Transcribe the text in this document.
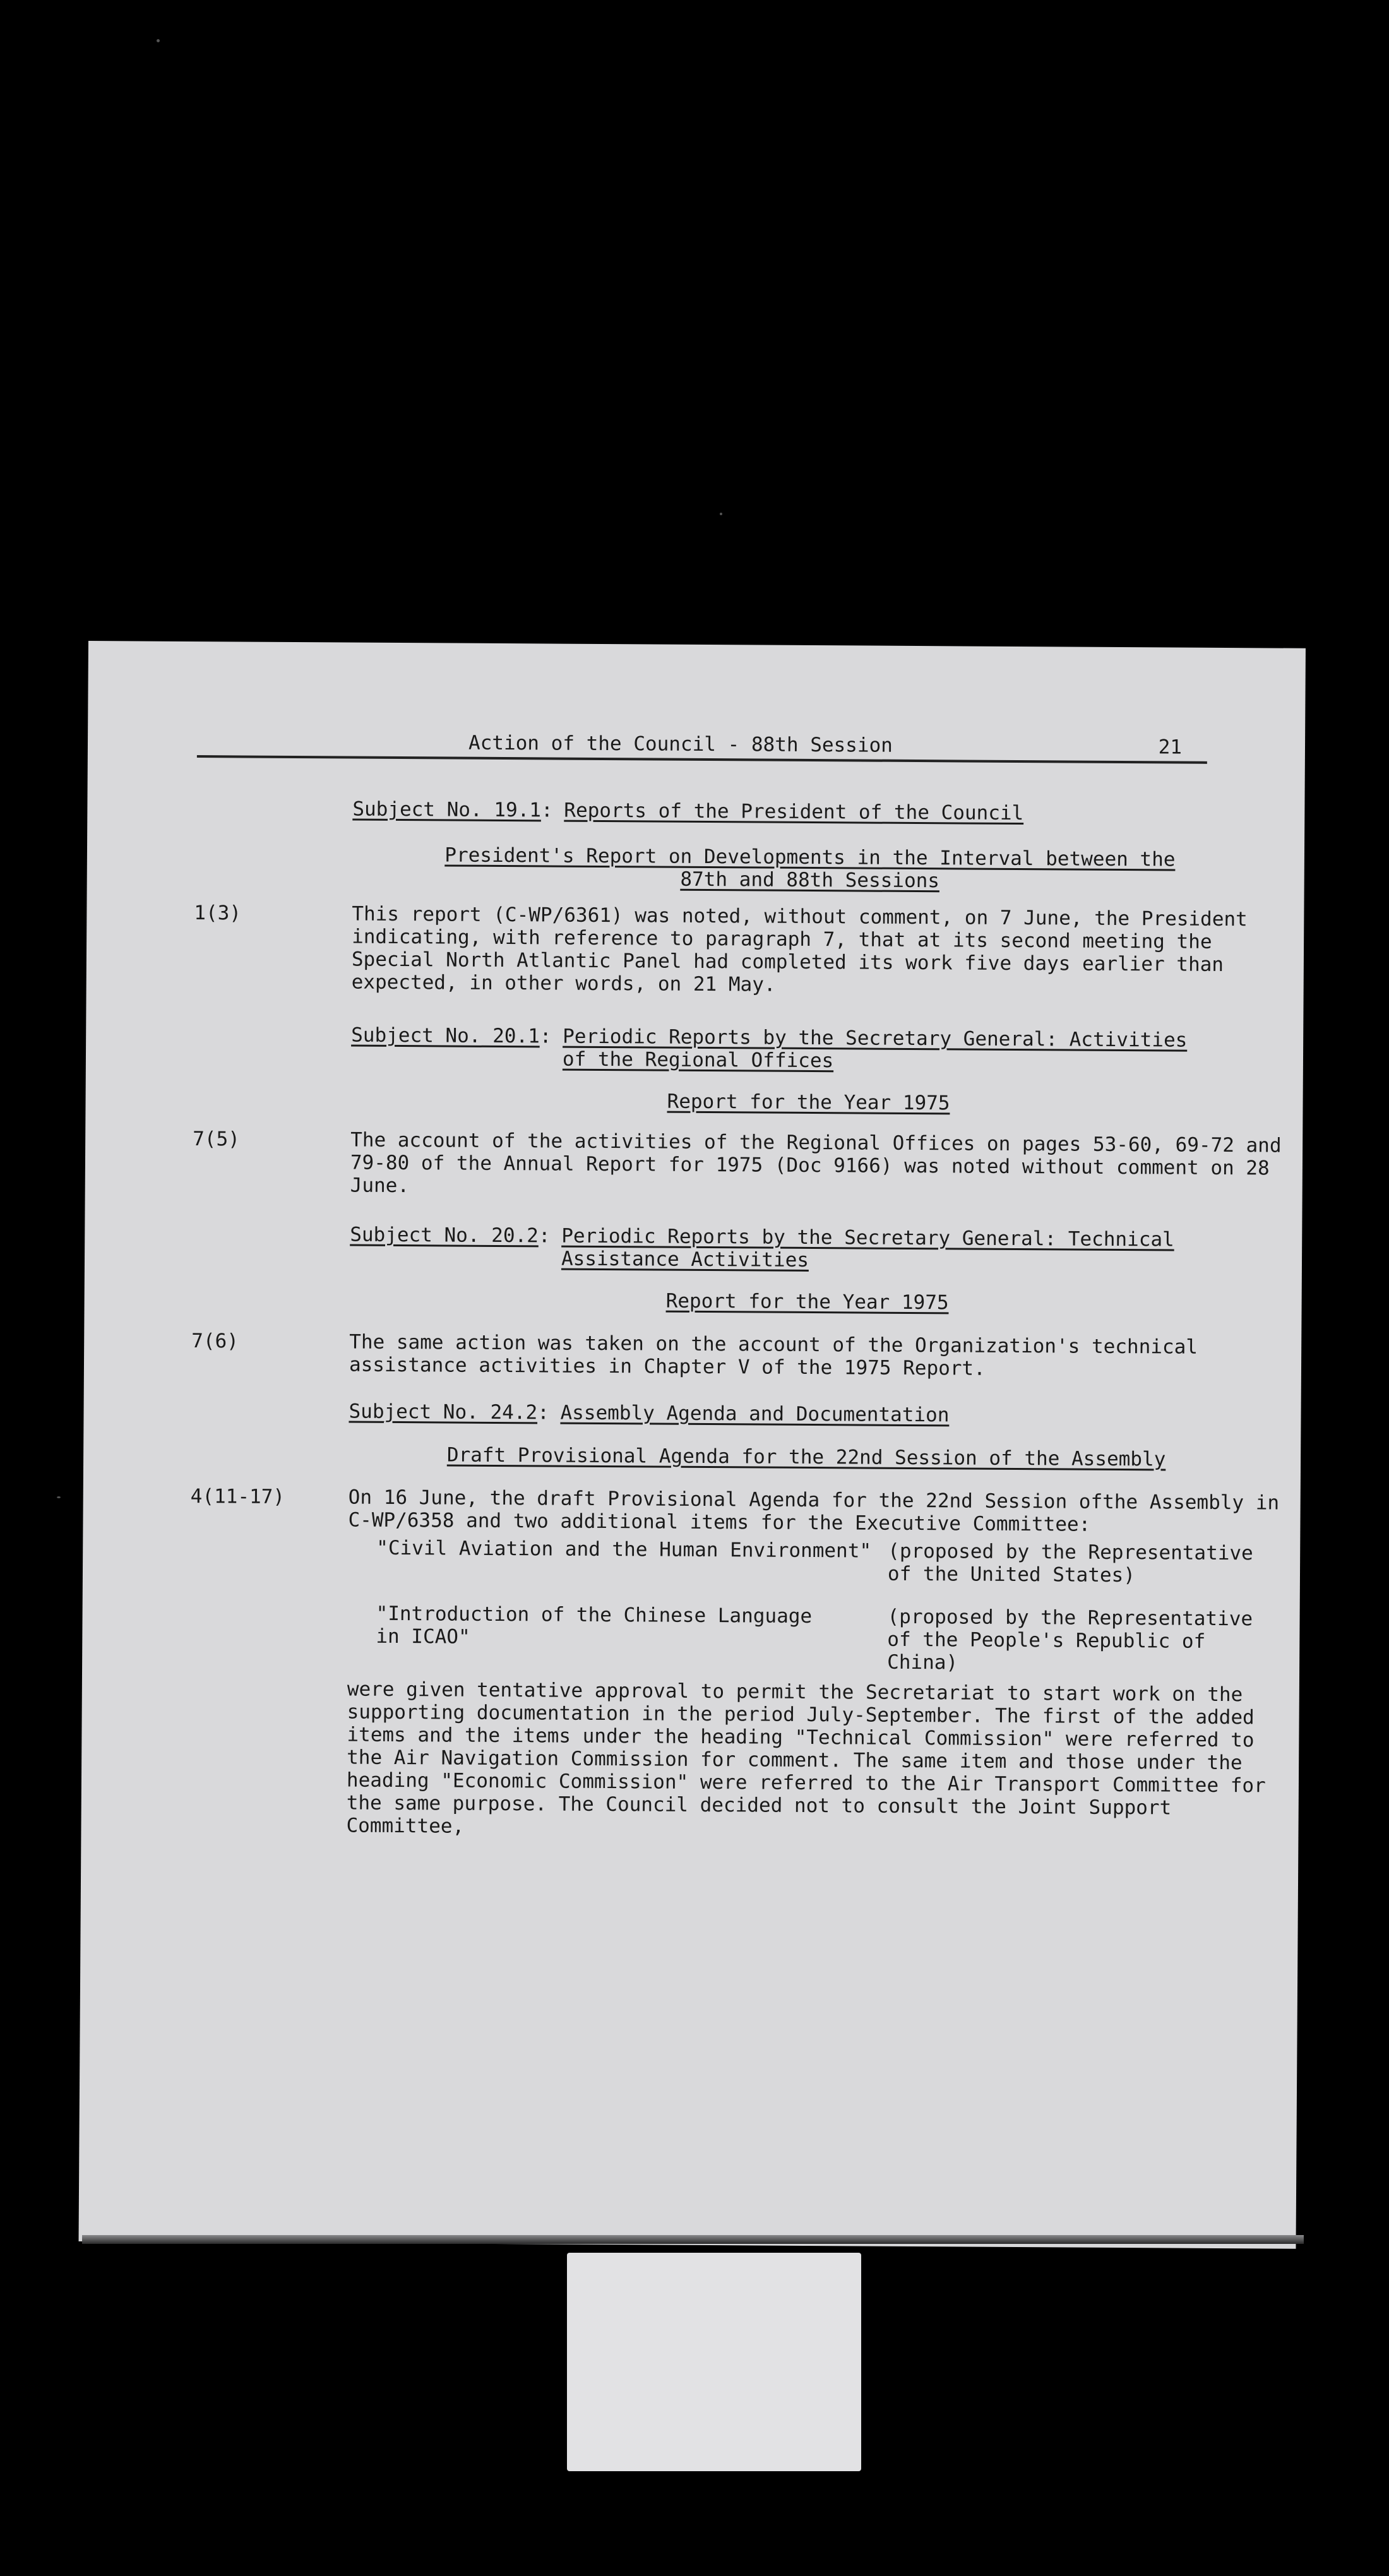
Action of the Council - 88th Session	21
Subject No. 19.1: Reports of the President of the Council
President's Report on Developments in the Interval between the
87th and 88th Sessions
1(3)	This report (C-WP/6361) was noted, without comment, on 7 June, the President indicating, with reference to paragraph 7, that at its second meeting the Special North Atlantic Panel had completed its work five days earlier than expected, in other words, on 21 May.

Subject No. 20.1: Periodic Reports by the Secretary General: Activities of the Regional Offices
Report for the Year 1975
7(5)	The account of the activities of the Regional Offices on pages 53-60, 69-72 and 79-80 of the Annual Report for 1975 (Doc 9166) was noted without comment on 28 June.

Subject No. 20.2: Periodic Reports by the Secretary General: Technical Assistance Activities
Report for the Year 1975
7(6)	The same action was taken on the account of the Organization's technical assistance activities in Chapter V of the 1975 Report.

Subject No. 24.2: Assembly Agenda and Documentation
Draft Provisional Agenda for the 22nd Session of the Assembly
4(11-17)	On 16 June, the draft Provisional Agenda for the 22nd Session ofthe Assembly in C-WP/6358 and two additional items for the Executive Committee:

"Civil Aviation and the Human Environment" (proposed by the Representative of the United States)
"Introduction of the Chinese Language in ICAO"
(proposed by the Representative of the People's Republic of China)

were given tentative approval to permit the Secretariat to start work on the supporting documentation in the period July-September. The first of the added items and the items under the heading "Technical Commission" were referred to the Air Navigation Commission for comment. The same item and those under the heading "Economic Commission" were referred to the Air Transport Committee for the same purpose. The Council decided not to consult the Joint Support Committee,
